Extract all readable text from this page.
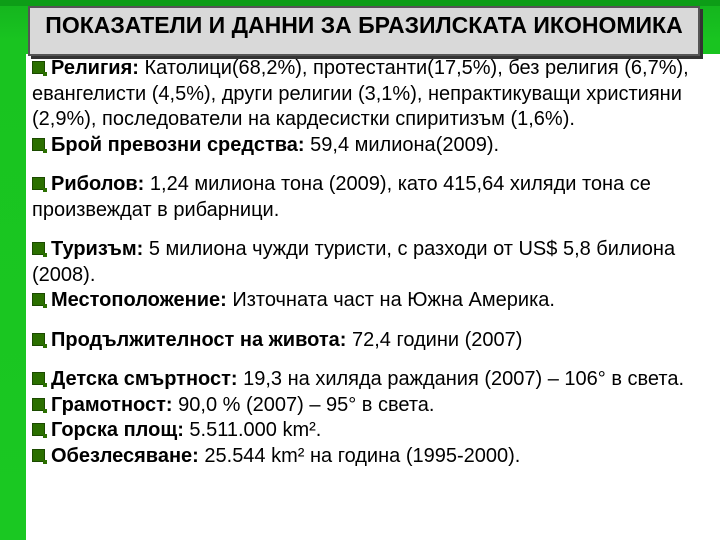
Религия: Католици(68,2%), протестанти(17,5%), без религия (6,7%), евангелисти (4,5%), други религии (3,1%), непрактикуващи християни (2,9%), последователи на кардесистки спиритизъм (1,6%).

Брой превозни средства: 59,4 милиона(2009).

Риболов: 1,24 милиона тона (2009), като 415,64 хиляди тона се произвеждат в рибарници.

Туризъм: 5 милиона чужди туристи, с разходи от US$ 5,8 билиона (2008).

Местоположение: Източната част на Южна Америка.

Продължителност на живота: 72,4 години (2007)

Детска смъртност: 19,3 на хиляда раждания (2007) – 106° в света.

Грамотност: 90,0 % (2007) – 95° в света.

Горска площ: 5.511.000 km².

Обезлесяване: 25.544 km² на година (1995-2000).

ПОКАЗАТЕЛИ И ДАННИ ЗА БРАЗИЛСКАТА ИКОНОМИКА
